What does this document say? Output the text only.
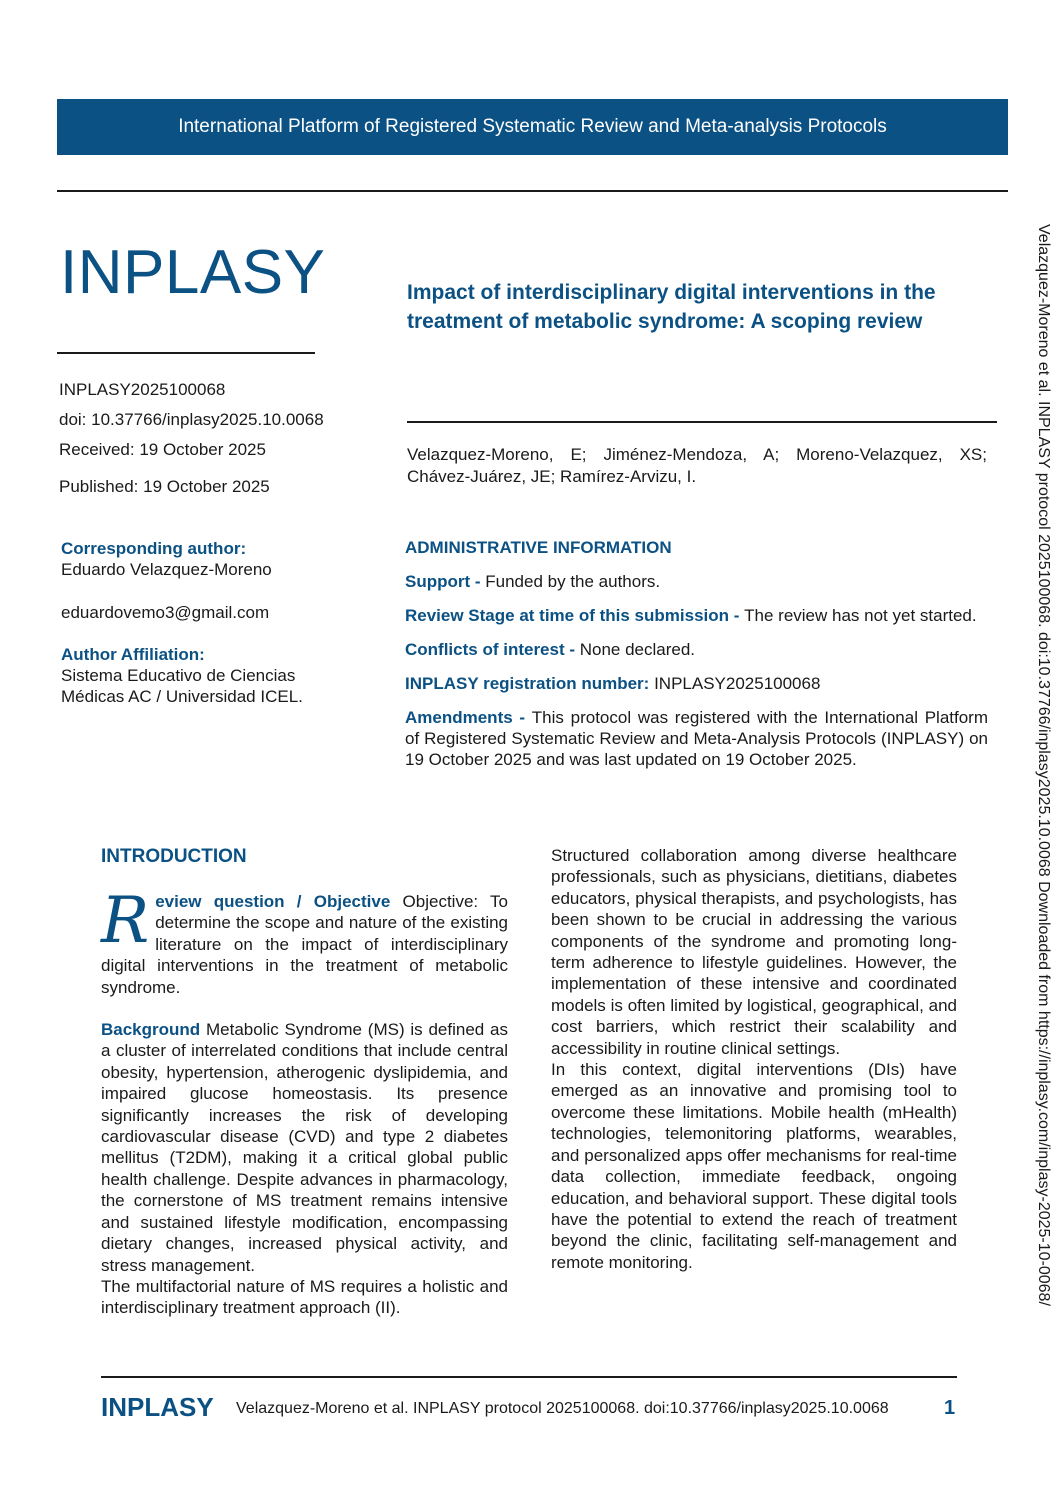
International Platform of Registered Systematic Review and Meta-analysis Protocols
INPLASY
INPLASY2025100068
doi: 10.37766/inplasy2025.10.0068
Received: 19 October 2025
Published: 19 October 2025
Impact of interdisciplinary digital interventions in the treatment of metabolic syndrome: A scoping review
Velazquez-Moreno, E; Jiménez-Mendoza, A; Moreno-Velazquez, XS; Chávez-Juárez, JE; Ramírez-Arvizu, I.
Corresponding author:
Eduardo Velazquez-Moreno
eduardovemo3@gmail.com
Author Affiliation:
Sistema Educativo de Ciencias Médicas AC / Universidad ICEL.

ADMINISTRATIVE INFORMATION

Support - Funded by the authors.

Review Stage at time of this submission - The review has not yet started.

Conflicts of interest - None declared.

INPLASY registration number: INPLASY2025100068

Amendments - This protocol was registered with the International Platform of Registered Systematic Review and Meta-Analysis Protocols (INPLASY) on 19 October 2025 and was last updated on 19 October 2025.

INTRODUCTION

Review question / Objective Objective: To determine the scope and nature of the existing literature on the impact of interdisciplinary digital interventions in the treatment of metabolic syndrome.

Background Metabolic Syndrome (MS) is defined as a cluster of interrelated conditions that include central obesity, hypertension, atherogenic dyslipidemia, and impaired glucose homeostasis. Its presence significantly increases the risk of developing cardiovascular disease (CVD) and type 2 diabetes mellitus (T2DM), making it a critical global public health challenge. Despite advances in pharmacology, the cornerstone of MS treatment remains intensive and sustained lifestyle modification, encompassing dietary changes, increased physical activity, and stress management.

The multifactorial nature of MS requires a holistic and interdisciplinary treatment approach (II).

Structured collaboration among diverse healthcare professionals, such as physicians, dietitians, diabetes educators, physical therapists, and psychologists, has been shown to be crucial in addressing the various components of the syndrome and promoting long-term adherence to lifestyle guidelines. However, the implementation of these intensive and coordinated models is often limited by logistical, geographical, and cost barriers, which restrict their scalability and accessibility in routine clinical settings.

In this context, digital interventions (DIs) have emerged as an innovative and promising tool to overcome these limitations. Mobile health (mHealth) technologies, telemonitoring platforms, wearables, and personalized apps offer mechanisms for real-time data collection, immediate feedback, ongoing education, and behavioral support. These digital tools have the potential to extend the reach of treatment beyond the clinic, facilitating self-management and remote monitoring.

INPLASY Velazquez-Moreno et al. INPLASY protocol 2025100068. doi:10.37766/inplasy2025.10.0068	1
Velazquez-Moreno et al. INPLASY protocol 2025100068. doi:10.37766/inplasy2025.10.0068 Downloaded from https://inplasy.com/inplasy-2025-10-0068/
